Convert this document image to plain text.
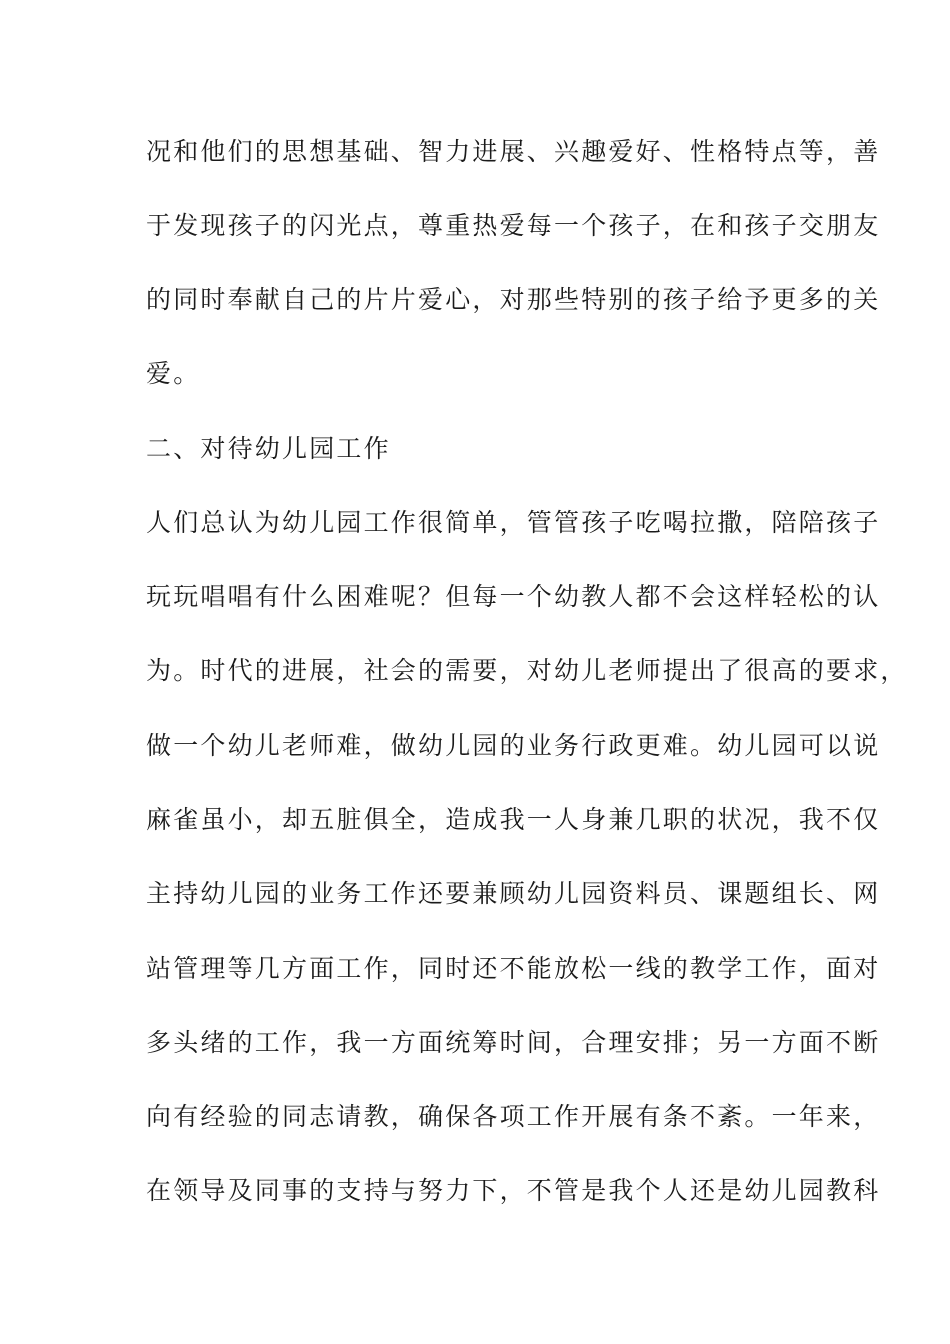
况和他们的思想基础、智力进展、兴趣爱好、性格特点等，善
于发现孩子的闪光点，尊重热爱每一个孩子，在和孩子交朋友
的同时奉献自己的片片爱心，对那些特别的孩子给予更多的关
爱。
二、对待幼儿园工作
人们总认为幼儿园工作很简单，管管孩子吃喝拉撒，陪陪孩子
玩玩唱唱有什么困难呢？但每一个幼教人都不会这样轻松的认
为。时代的进展，社会的需要，对幼儿老师提出了很高的要求，
做一个幼儿老师难，做幼儿园的业务行政更难。幼儿园可以说
麻雀虽小，却五脏俱全，造成我一人身兼几职的状况，我不仅
主持幼儿园的业务工作还要兼顾幼儿园资料员、课题组长、网
站管理等几方面工作，同时还不能放松一线的教学工作，面对
多头绪的工作，我一方面统筹时间，合理安排；另一方面不断
向有经验的同志请教，确保各项工作开展有条不紊。一年来，
在领导及同事的支持与努力下，不管是我个人还是幼儿园教科
